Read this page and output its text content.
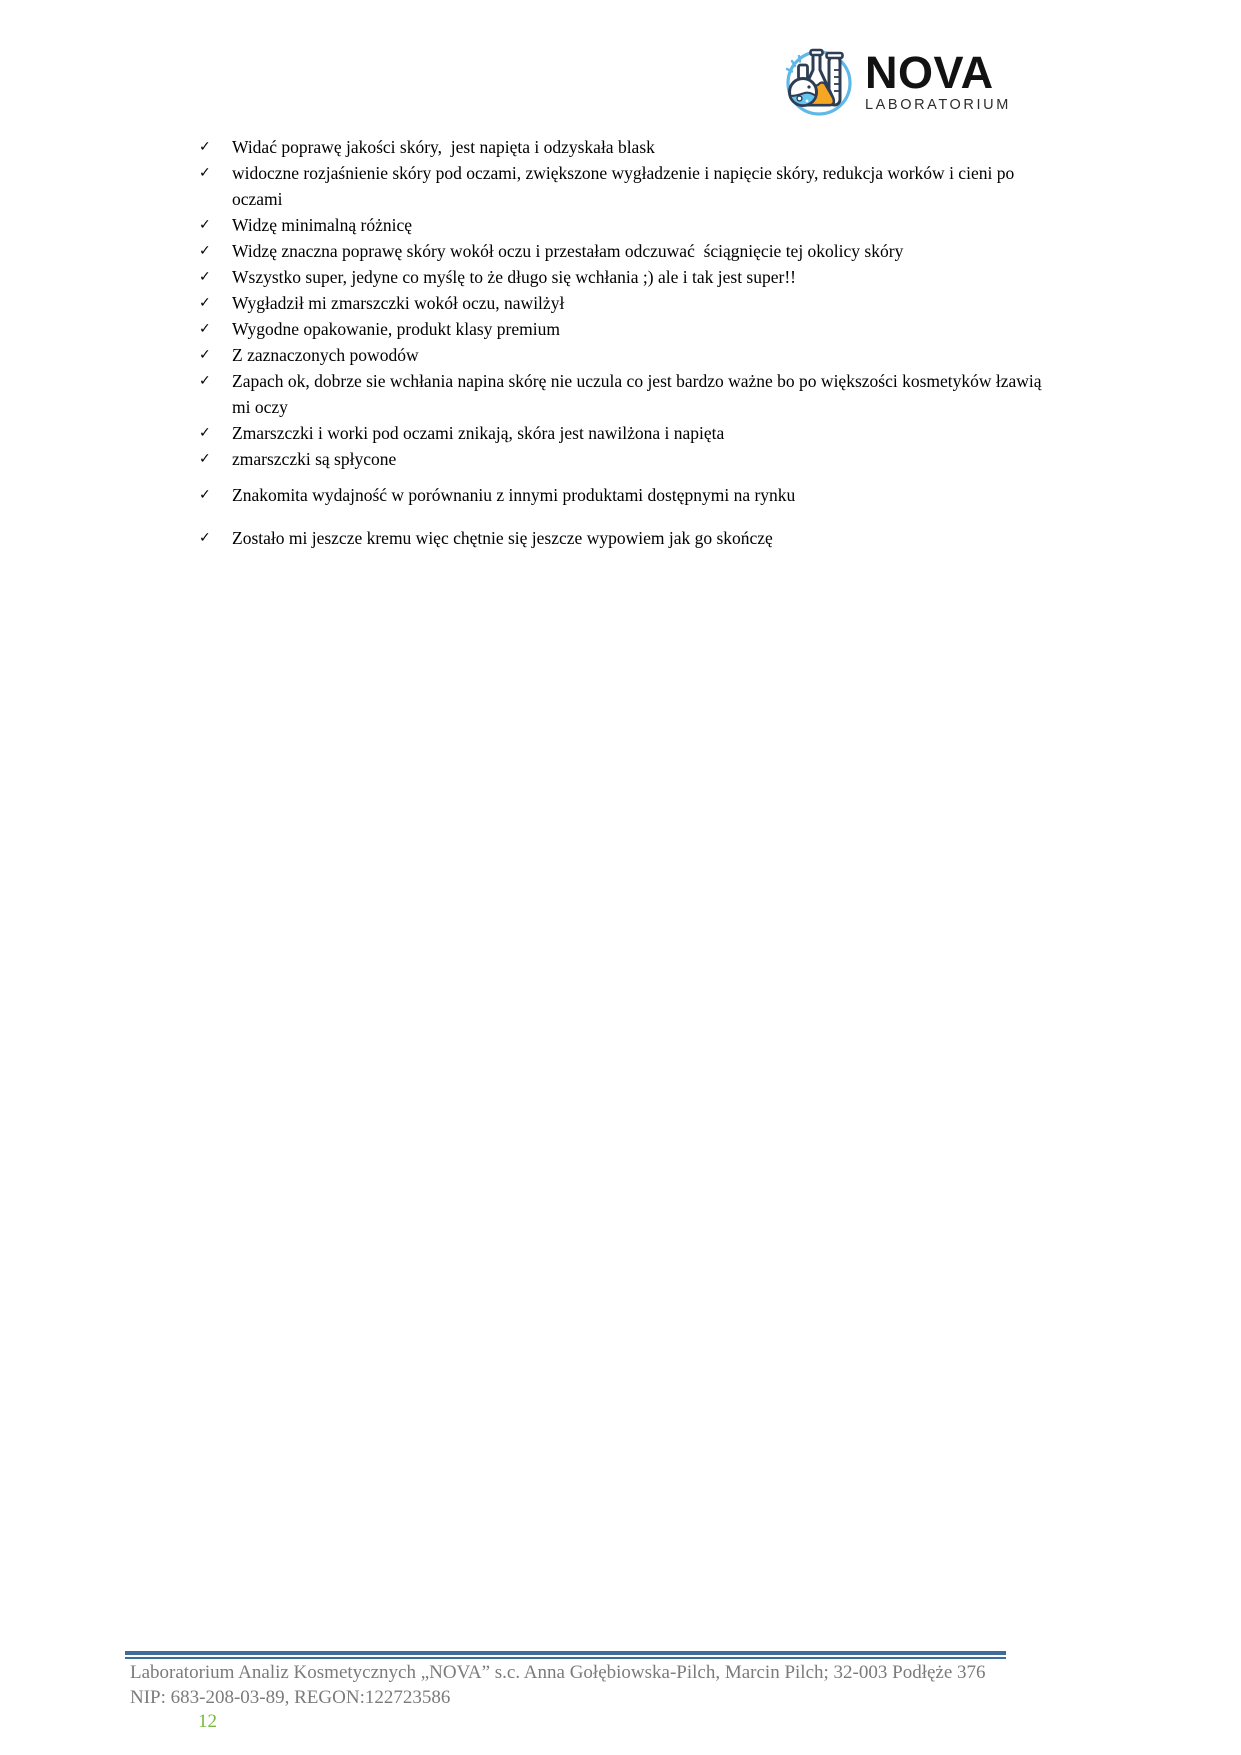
NOVA
LABORATORIUM
✓	Widać poprawę jakości skóry,  jest napięta i odzyskała blask
✓	widoczne rozjaśnienie skóry pod oczami, zwiększone wygładzenie i napięcie skóry, redukcja worków i cieni po oczami
✓	Widzę minimalną różnicę
✓	Widzę znaczna poprawę skóry wokół oczu i przestałam odczuwać  ściągnięcie tej okolicy skóry
✓	Wszystko super, jedyne co myślę to że długo się wchłania ;) ale i tak jest super!!
✓	Wygładził mi zmarszczki wokół oczu, nawilżył
✓	Wygodne opakowanie, produkt klasy premium
✓	Z zaznaczonych powodów
✓	Zapach ok, dobrze sie wchłania napina skórę nie uczula co jest bardzo ważne bo po większości kosmetyków łzawią mi oczy
✓	Zmarszczki i worki pod oczami znikają, skóra jest nawilżona i napięta
✓	zmarszczki są spłycone
✓	Znakomita wydajność w porównaniu z innymi produktami dostępnymi na rynku
✓	Zostało mi jeszcze kremu więc chętnie się jeszcze wypowiem jak go skończę
Laboratorium Analiz Kosmetycznych „NOVA” s.c. Anna Gołębiowska-Pilch, Marcin Pilch; 32-003 Podłęże 376
NIP: 683-208-03-89, REGON:122723586
12
